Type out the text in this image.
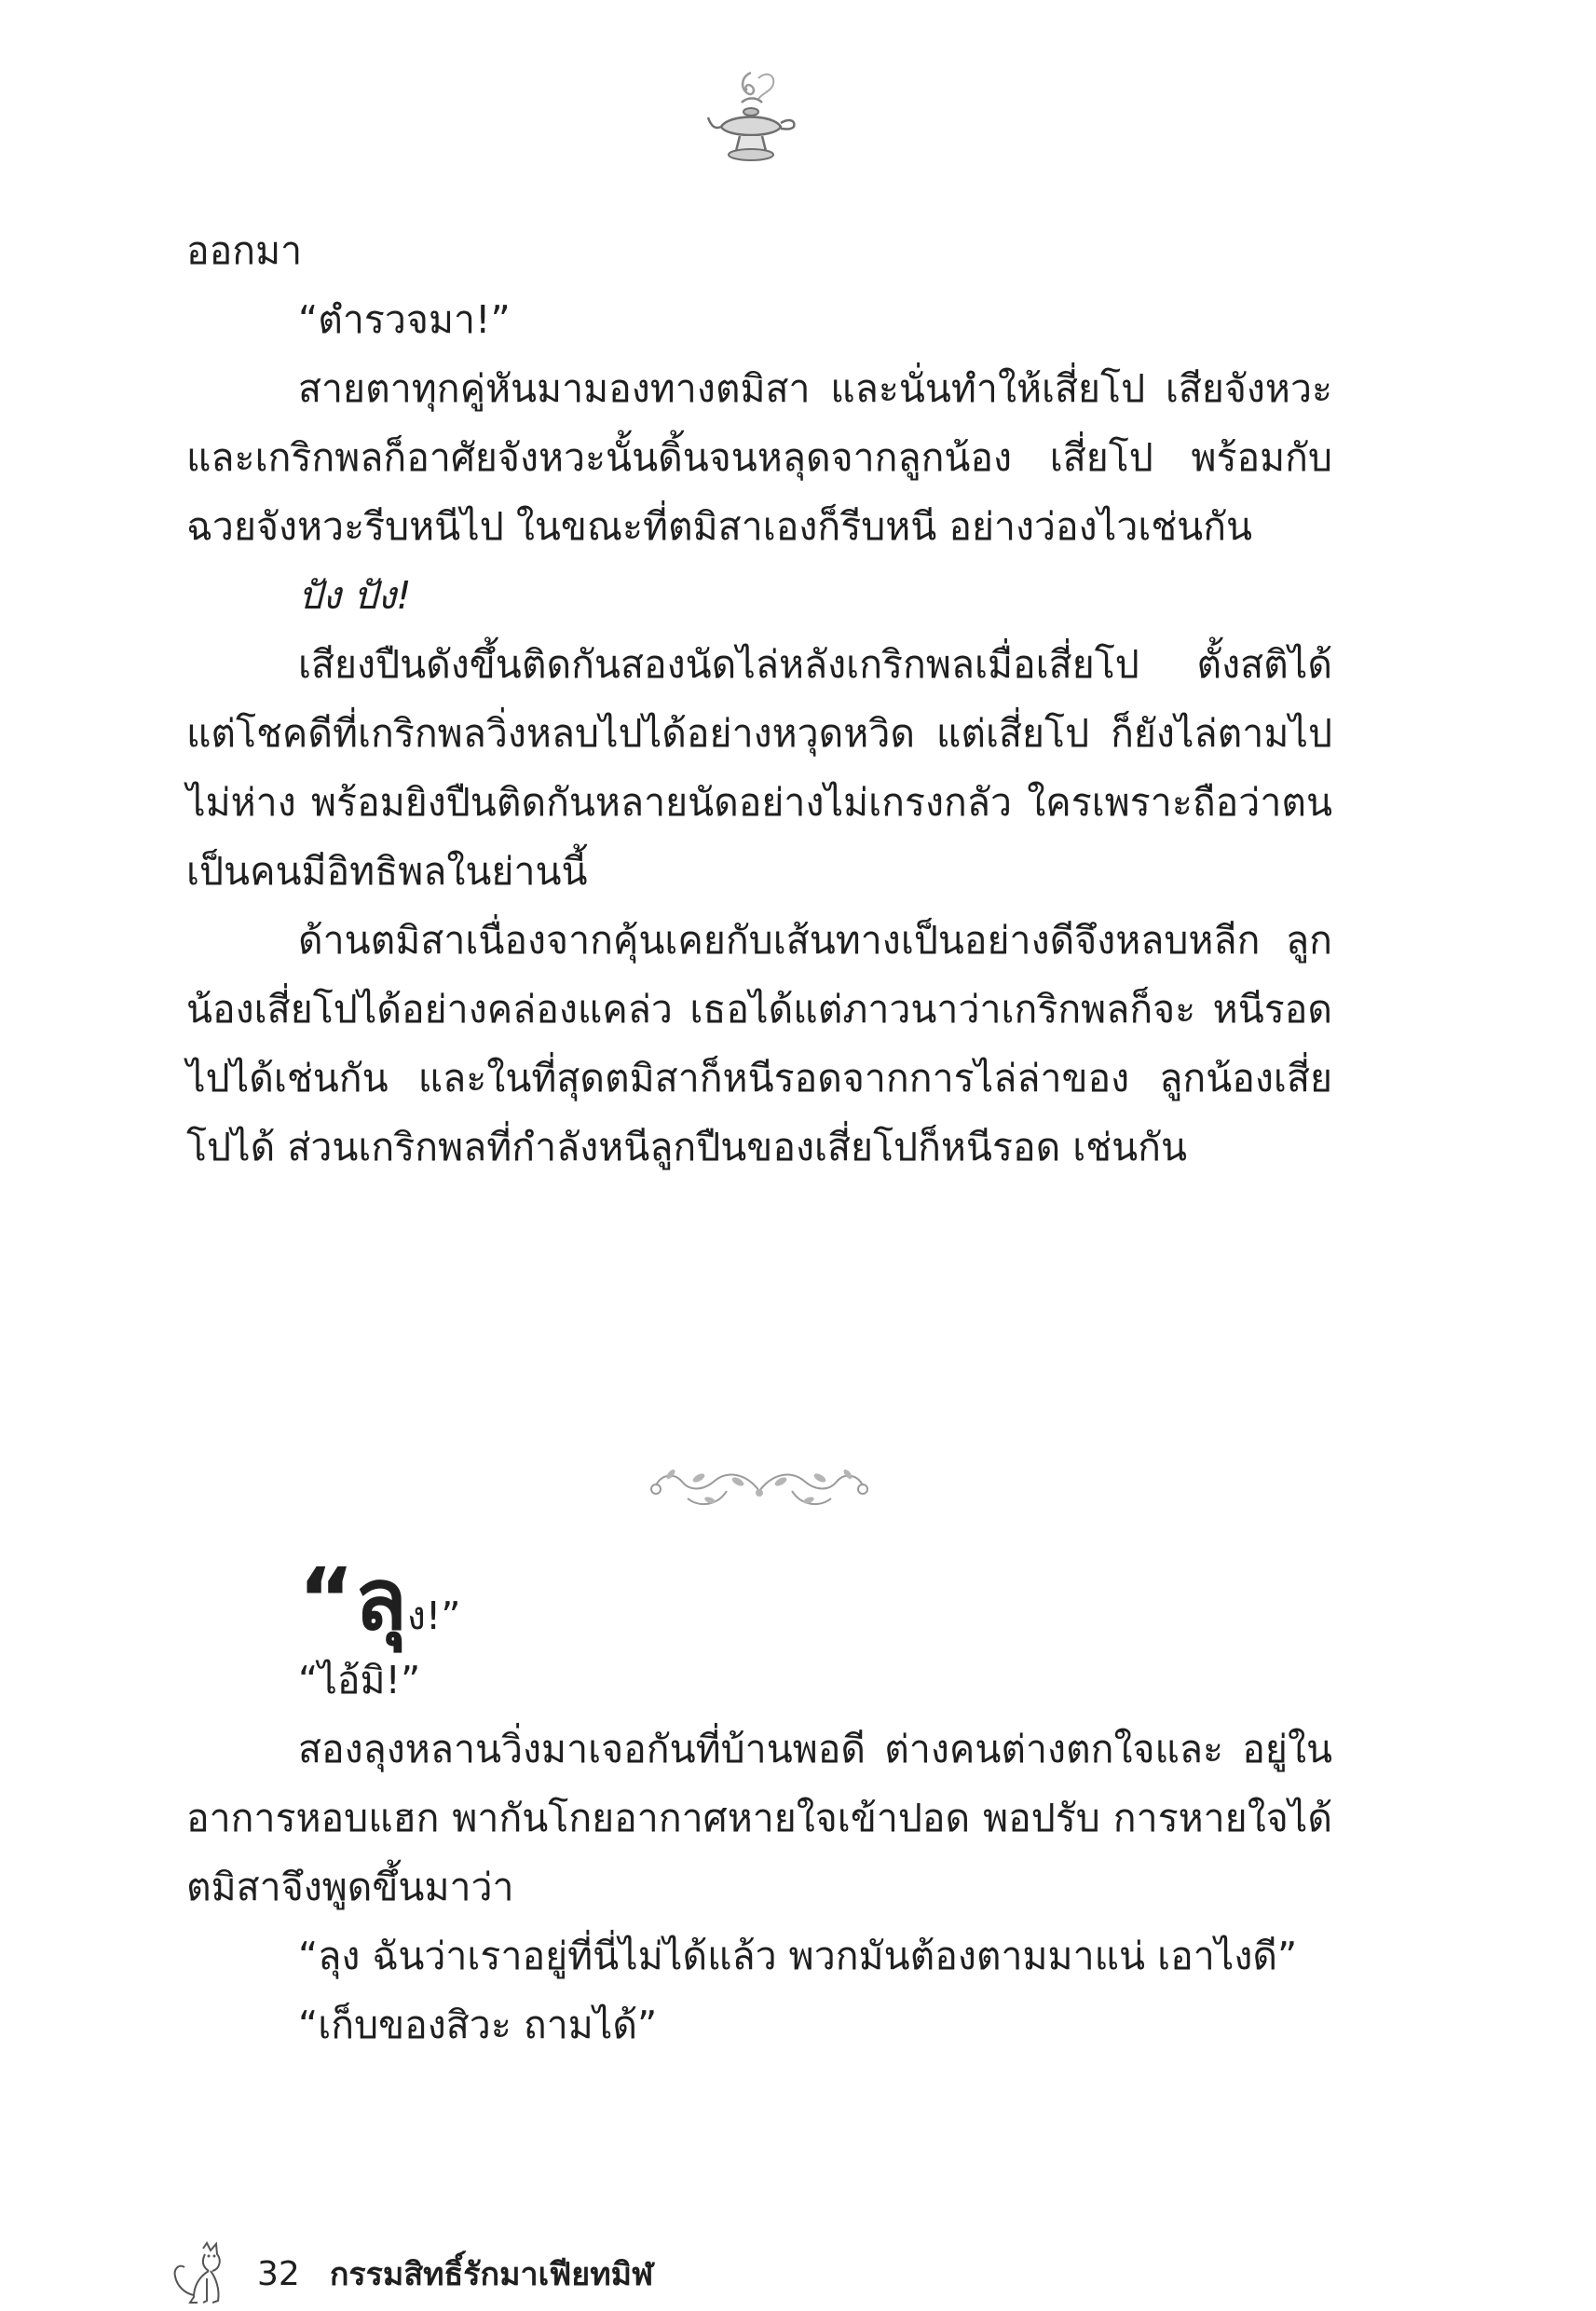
ออกมา

“ตำรวจมา!”

สายตาทุกคู่หันมามองทางตมิสา และนั่นทำให้เสี่ยโป เสียจังหวะ และเกริกพลก็อาศัยจังหวะนั้นดิ้นจนหลุดจากลูกน้อง เสี่ยโป พร้อมกับฉวยจังหวะรีบหนีไป ในขณะที่ตมิสาเองก็รีบหนี อย่างว่องไวเช่นกัน

ปัง ปัง!

เสียงปืนดังขึ้นติดกันสองนัดไล่หลังเกริกพลเมื่อเสี่ยโป ตั้งสติได้ แต่โชคดีที่เกริกพลวิ่งหลบไปได้อย่างหวุดหวิด แต่เสี่ยโป ก็ยังไล่ตามไปไม่ห่าง พร้อมยิงปืนติดกันหลายนัดอย่างไม่เกรงกลัว ใครเพราะถือว่าตนเป็นคนมีอิทธิพลในย่านนี้

ด้านตมิสาเนื่องจากคุ้นเคยกับเส้นทางเป็นอย่างดีจึงหลบหลีก ลูกน้องเสี่ยโปได้อย่างคล่องแคล่ว เธอได้แต่ภาวนาว่าเกริกพลก็จะ หนีรอดไปได้เช่นกัน และในที่สุดตมิสาก็หนีรอดจากการไล่ล่าของ ลูกน้องเสี่ยโปได้ ส่วนเกริกพลที่กำลังหนีลูกปืนของเสี่ยโปก็หนีรอด เช่นกัน

“ลุง!”

“ไอ้มิ!”

สองลุงหลานวิ่งมาเจอกันที่บ้านพอดี ต่างคนต่างตกใจและ อยู่ในอาการหอบแฮก พากันโกยอากาศหายใจเข้าปอด พอปรับ การหายใจได้ตมิสาจึงพูดขึ้นมาว่า

“ลุง ฉันว่าเราอยู่ที่นี่ไม่ได้แล้ว พวกมันต้องตามมาแน่ เอาไงดี”

“เก็บของสิวะ ถามได้”

32 กรรมสิทธิ์รักมาเฟียทมิฬ
